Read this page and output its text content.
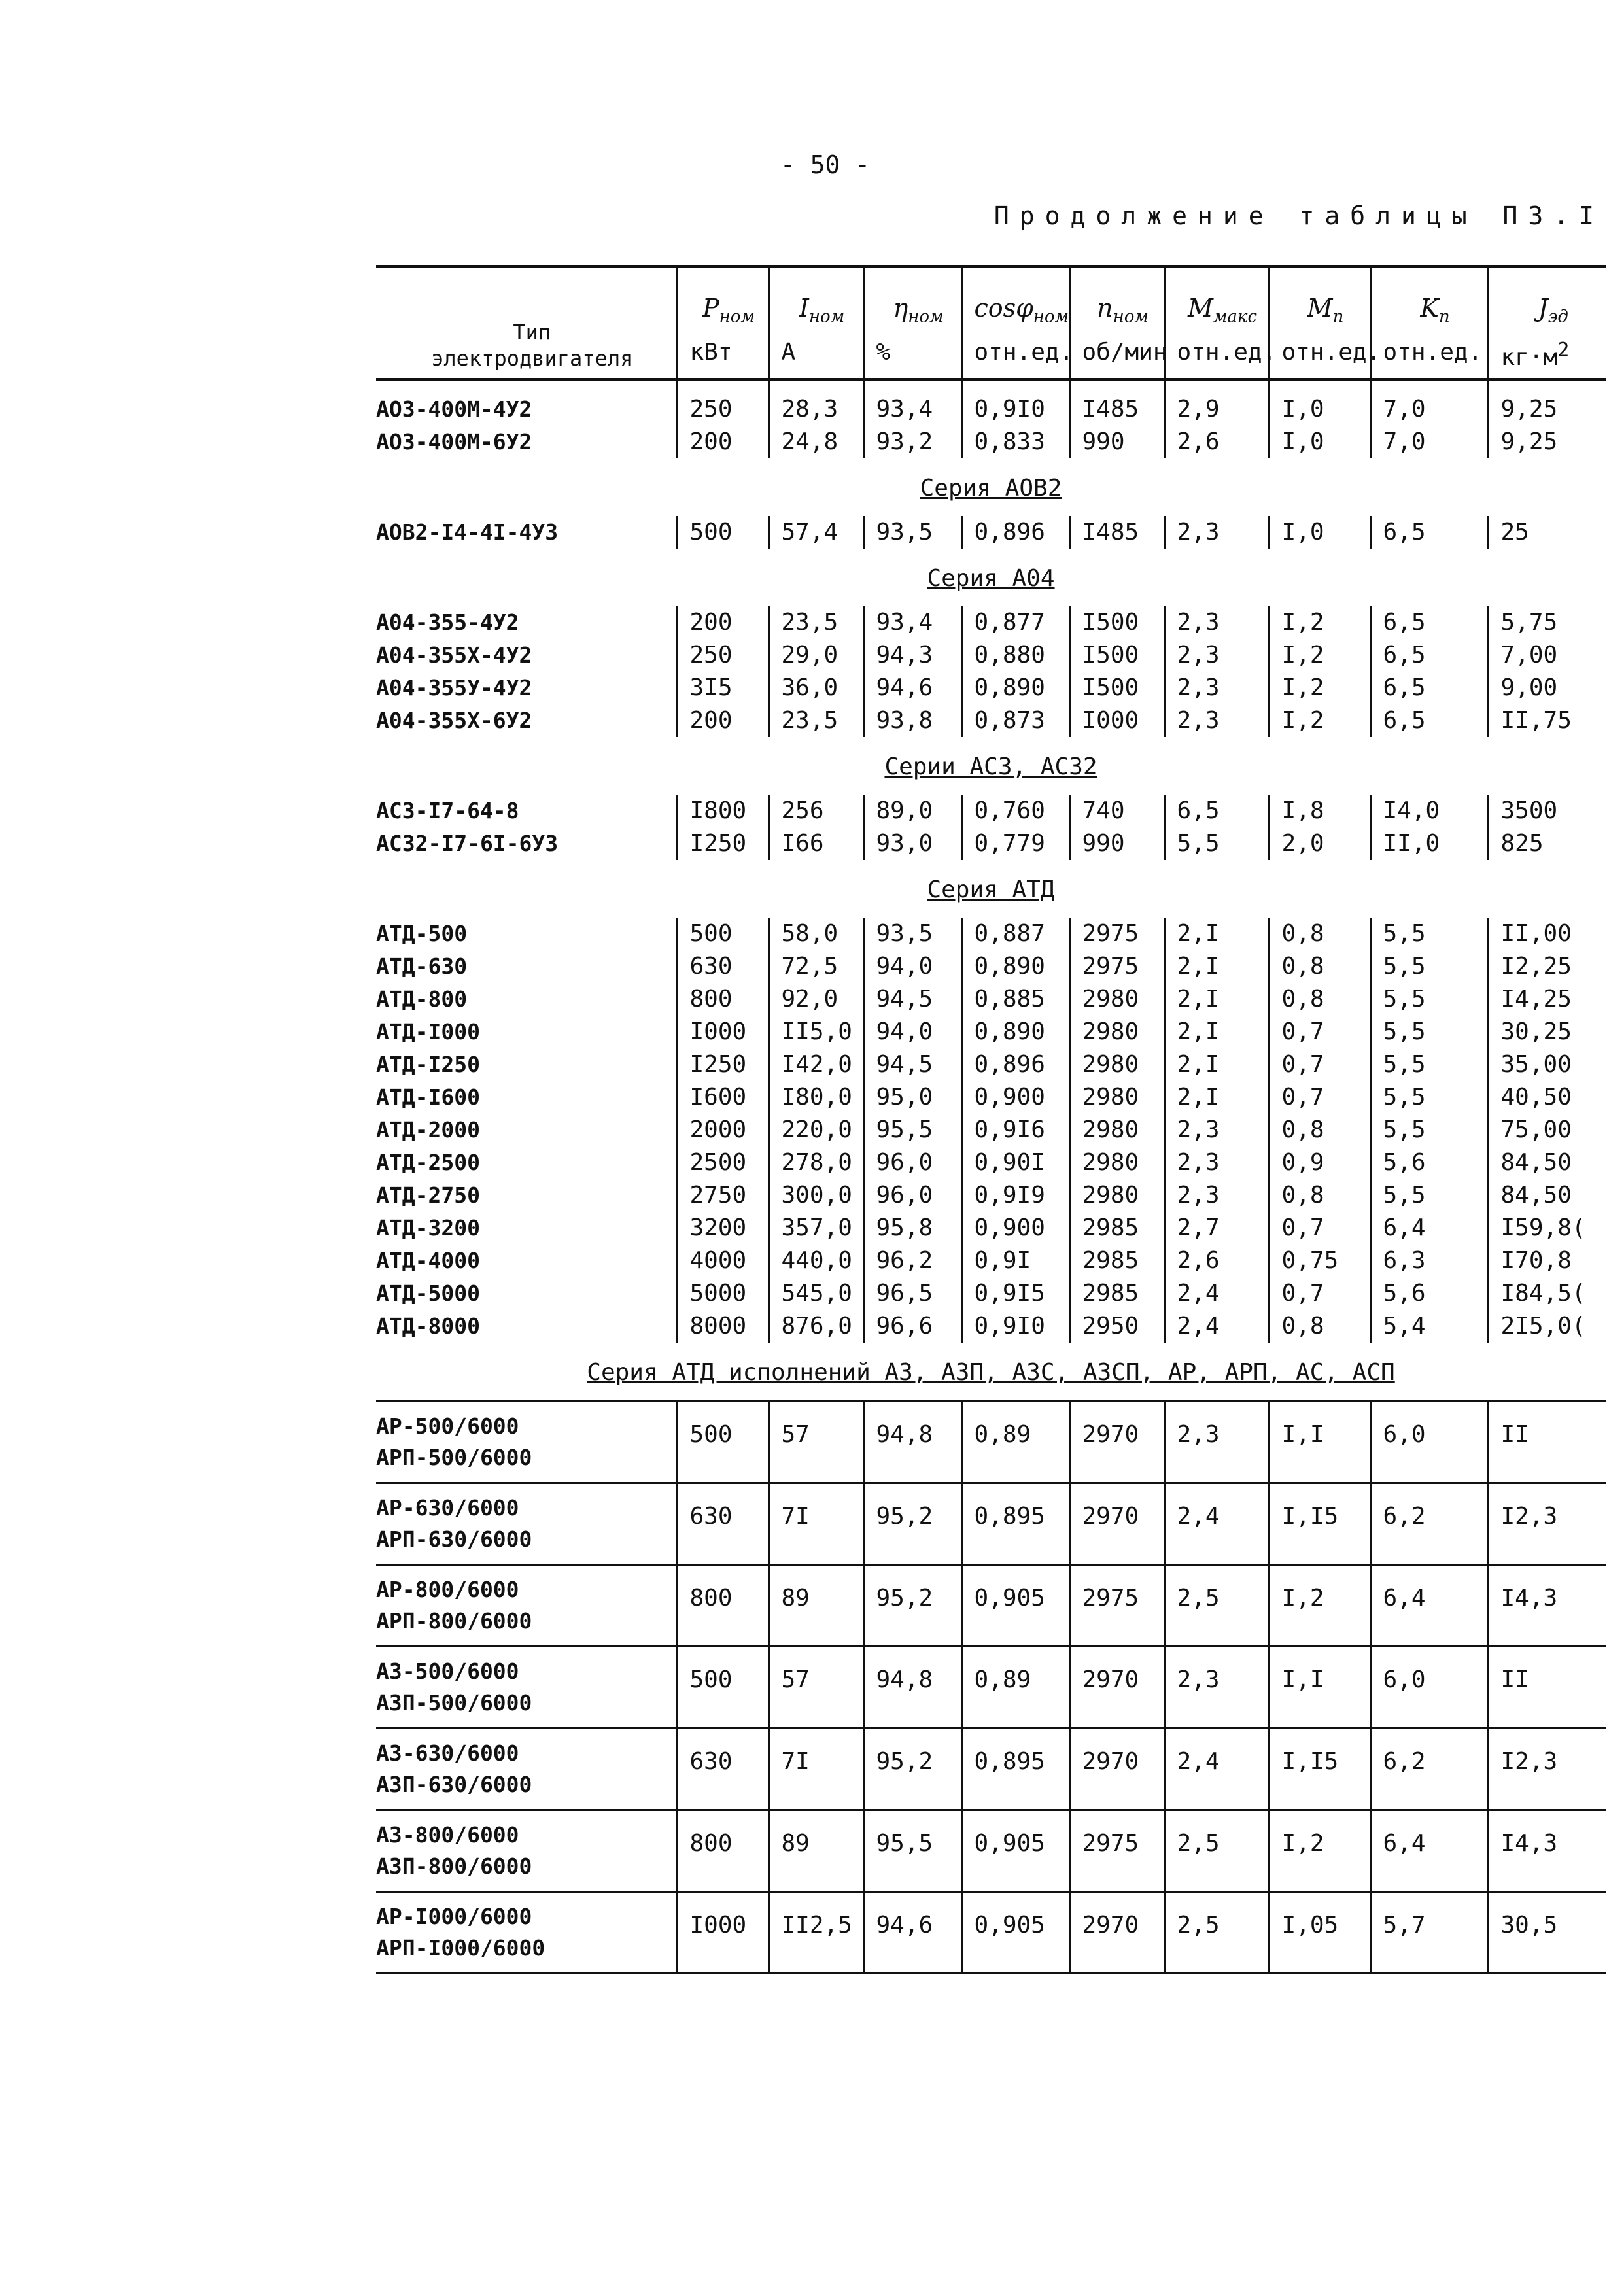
- 50 -
Продолжение таблицы ПЗ.I
Тип
электродвигателя	$P_{ном}$	$I_{ном}$	$\eta_{ном}$	cosφ$_{ном}$	$n_{ном}$	$M_{макс}$	$M_п$	$K_п$	$J_{эд}$
	кВт	А	%	отн.ед.	об/мин	отн.ед.	отн.ед.	отн.ед.	$кг\cdot м^2$
АОЗ-400М-4У2	250	28,3	93,4	0,9I0	I485	2,9	I,0	7,0	9,25
АОЗ-400М-6У2	200	24,8	93,2	0,833	990	2,6	I,0	7,0	9,25
Серия АОВ2									

АОВ2-I4-4I-4УЗ	500	57,4	93,5	0,896	I485	2,3	I,0	6,5	25
Серия А04									

А04-355-4У2	200	23,5	93,4	0,877	I500	2,3	I,2	6,5	5,75
А04-355Х-4У2	250	29,0	94,3	0,880	I500	2,3	I,2	6,5	7,00
А04-355У-4У2	3I5	36,0	94,6	0,890	I500	2,3	I,2	6,5	9,00
А04-355Х-6У2	200	23,5	93,8	0,873	I000	2,3	I,2	6,5	II,75
Серии АСЗ, АСЗ2									

АСЗ-I7-64-8	I800	256	89,0	0,760	740	6,5	I,8	I4,0	3500
АСЗ2-I7-6I-6УЗ	I250	I66	93,0	0,779	990	5,5	2,0	II,0	825
Серия АТД									

АТД-500	500	58,0	93,5	0,887	2975	2,I	0,8	5,5	II,00
АТД-630	630	72,5	94,0	0,890	2975	2,I	0,8	5,5	I2,25
АТД-800	800	92,0	94,5	0,885	2980	2,I	0,8	5,5	I4,25
АТД-I000	I000	II5,0	94,0	0,890	2980	2,I	0,7	5,5	30,25
АТД-I250	I250	I42,0	94,5	0,896	2980	2,I	0,7	5,5	35,00
АТД-I600	I600	I80,0	95,0	0,900	2980	2,I	0,7	5,5	40,50
АТД-2000	2000	220,0	95,5	0,9I6	2980	2,3	0,8	5,5	75,00
АТД-2500	2500	278,0	96,0	0,90I	2980	2,3	0,9	5,6	84,50
АТД-2750	2750	300,0	96,0	0,9I9	2980	2,3	0,8	5,5	84,50
АТД-3200	3200	357,0	95,8	0,900	2985	2,7	0,7	6,4	I59,8(
АТД-4000	4000	440,0	96,2	0,9I	2985	2,6	0,75	6,3	I70,8
АТД-5000	5000	545,0	96,5	0,9I5	2985	2,4	0,7	5,6	I84,5(
АТД-8000	8000	876,0	96,6	0,9I0	2950	2,4	0,8	5,4	2I5,0(
Серия АТД исполнений АЗ, АЗП, АЗС, АЗСП, АР, АРП, АС, АСП									

АР-500/6000
АРП-500/6000	500	57	94,8	0,89	2970	2,3	I,I	6,0	II

АР-630/6000
АРП-630/6000	630	7I	95,2	0,895	2970	2,4	I,I5	6,2	I2,3

АР-800/6000
АРП-800/6000	800	89	95,2	0,905	2975	2,5	I,2	6,4	I4,3

АЗ-500/6000
АЗП-500/6000	500	57	94,8	0,89	2970	2,3	I,I	6,0	II

АЗ-630/6000
АЗП-630/6000	630	7I	95,2	0,895	2970	2,4	I,I5	6,2	I2,3

АЗ-800/6000
АЗП-800/6000	800	89	95,5	0,905	2975	2,5	I,2	6,4	I4,3

АР-I000/6000
АРП-I000/6000	I000	II2,5	94,6	0,905	2970	2,5	I,05	5,7	30,5
